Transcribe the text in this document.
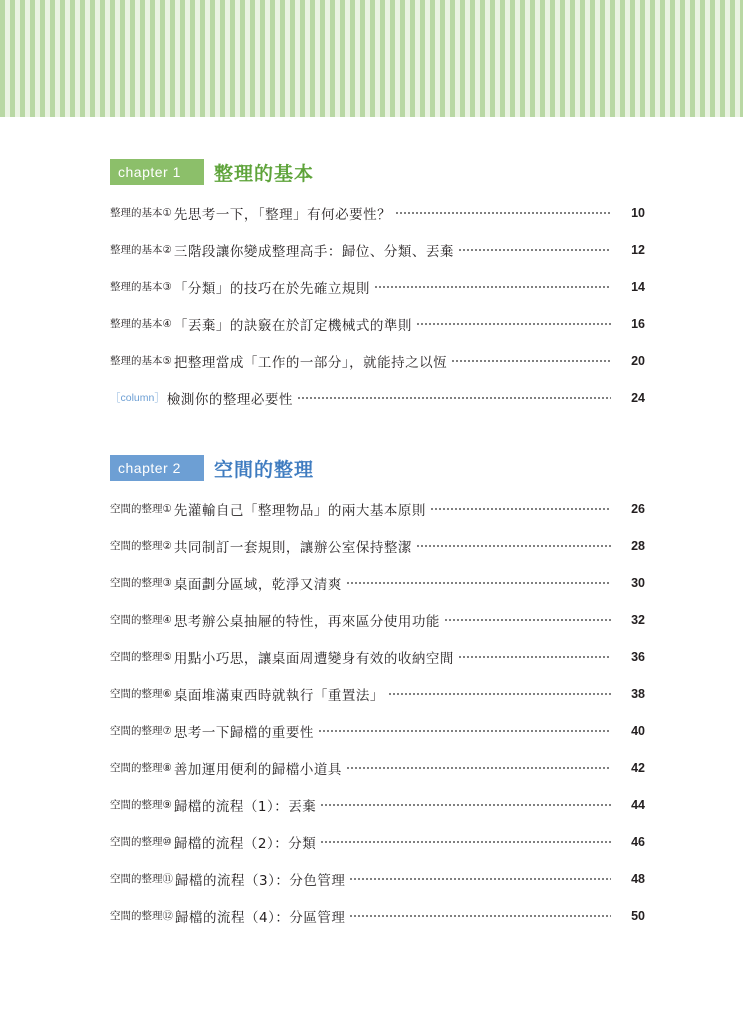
chapter 1	整理的基本
整理的基本① 先思考一下，「整理」有何必要性？	10
整理的基本② 三階段讓你變成整理高手：歸位、分類、丟棄	12
整理的基本③ 「分類」的技巧在於先確立規則	14
整理的基本④ 「丟棄」的訣竅在於訂定機械式的準則	16
整理的基本⑤ 把整理當成「工作的一部分」，就能持之以恆	20
［column］ 檢測你的整理必要性	24
chapter 2	空間的整理
空間的整理① 先灌輸自己「整理物品」的兩大基本原則	26
空間的整理② 共同制訂一套規則，讓辦公室保持整潔	28
空間的整理③ 桌面劃分區域，乾淨又清爽	30
空間的整理④ 思考辦公桌抽屜的特性，再來區分使用功能	32
空間的整理⑤ 用點小巧思，讓桌面周遭變身有效的收納空間	36
空間的整理⑥ 桌面堆滿東西時就執行「重置法」	38
空間的整理⑦ 思考一下歸檔的重要性	40
空間的整理⑧ 善加運用便利的歸檔小道具	42
空間的整理⑨ 歸檔的流程（1）：丟棄	44
空間的整理⑩ 歸檔的流程（2）：分類	46
空間的整理⑪ 歸檔的流程（3）：分色管理	48
空間的整理⑫ 歸檔的流程（4）：分區管理	50
